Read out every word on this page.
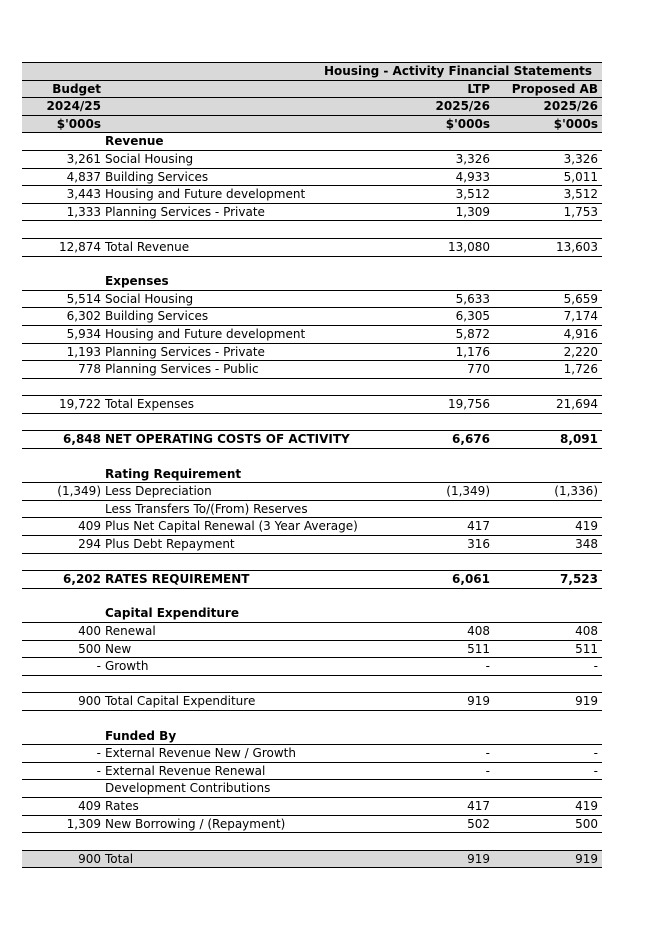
Housing - Activity Financial Statements
Budget	LTP	Proposed AB
2024/25	2025/26	2025/26
$'000s	$'000s	$'000s
Revenue
3,261 Social Housing	3,326	3,326
4,837 Building Services	4,933	5,011
3,443 Housing and Future development	3,512	3,512
1,333 Planning Services - Private	1,309	1,753
12,874 Total Revenue	13,080	13,603
Expenses
5,514 Social Housing	5,633	5,659
6,302 Building Services	6,305	7,174
5,934 Housing and Future development	5,872	4,916
1,193 Planning Services - Private	1,176	2,220
778 Planning Services - Public	770	1,726
19,722 Total Expenses	19,756	21,694
6,848 NET OPERATING COSTS OF ACTIVITY	6,676	8,091
Rating Requirement
(1,349) Less Depreciation	(1,349)	(1,336)
Less Transfers To/(From) Reserves
409 Plus Net Capital Renewal (3 Year Average)	417	419
294 Plus Debt Repayment	316	348
6,202 RATES REQUIREMENT	6,061	7,523
Capital Expenditure
400 Renewal	408	408
500 New	511	511
- Growth	-	-
900 Total Capital Expenditure	919	919
Funded By
- External Revenue New / Growth	-	-
- External Revenue Renewal	-	-
Development Contributions
409 Rates	417	419
1,309 New Borrowing / (Repayment)	502	500
900 Total	919	919
